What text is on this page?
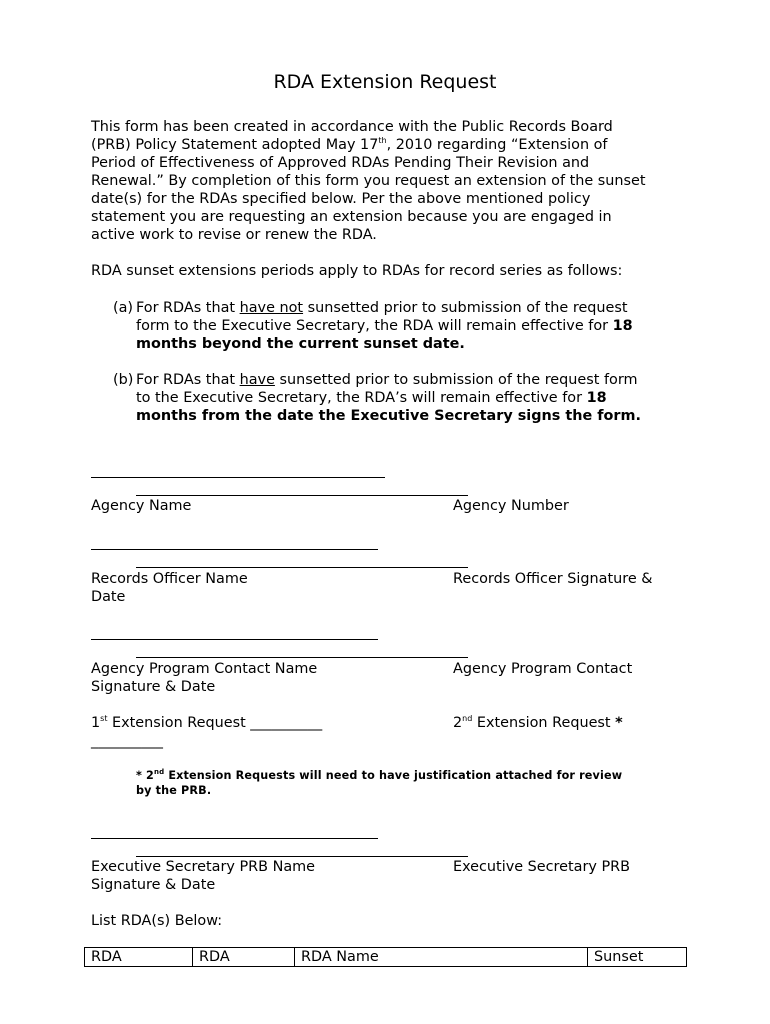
RDA Extension Request
This form has been created in accordance with the Public Records Board
(PRB) Policy Statement adopted May 17th, 2010 regarding “Extension of
Period of Effectiveness of Approved RDAs Pending Their Revision and
Renewal.” By completion of this form you request an extension of the sunset
date(s) for the RDAs specified below. Per the above mentioned policy
statement you are requesting an extension because you are engaged in
active work to revise or renew the RDA.
RDA sunset extensions periods apply to RDAs for record series as follows:
(a) For RDAs that have not sunsetted prior to submission of the request
form to the Executive Secretary, the RDA will remain effective for 18
months beyond the current sunset date.
(b) For RDAs that have sunsetted prior to submission of the request form
to the Executive Secretary, the RDA’s will remain effective for 18
months from the date the Executive Secretary signs the form.
Agency Name	Agency Number
Records Officer Name	Records Officer Signature &
Date
Agency Program Contact Name	Agency Program Contact
Signature & Date
1st Extension Request __________
__________
2nd Extension Request *
* 2nd Extension Requests will need to have justification attached for review
by the PRB.
Executive Secretary PRB Name	Executive Secretary PRB
Signature & Date
List RDA(s) Below:
RDA	RDA	RDA Name	Sunset
